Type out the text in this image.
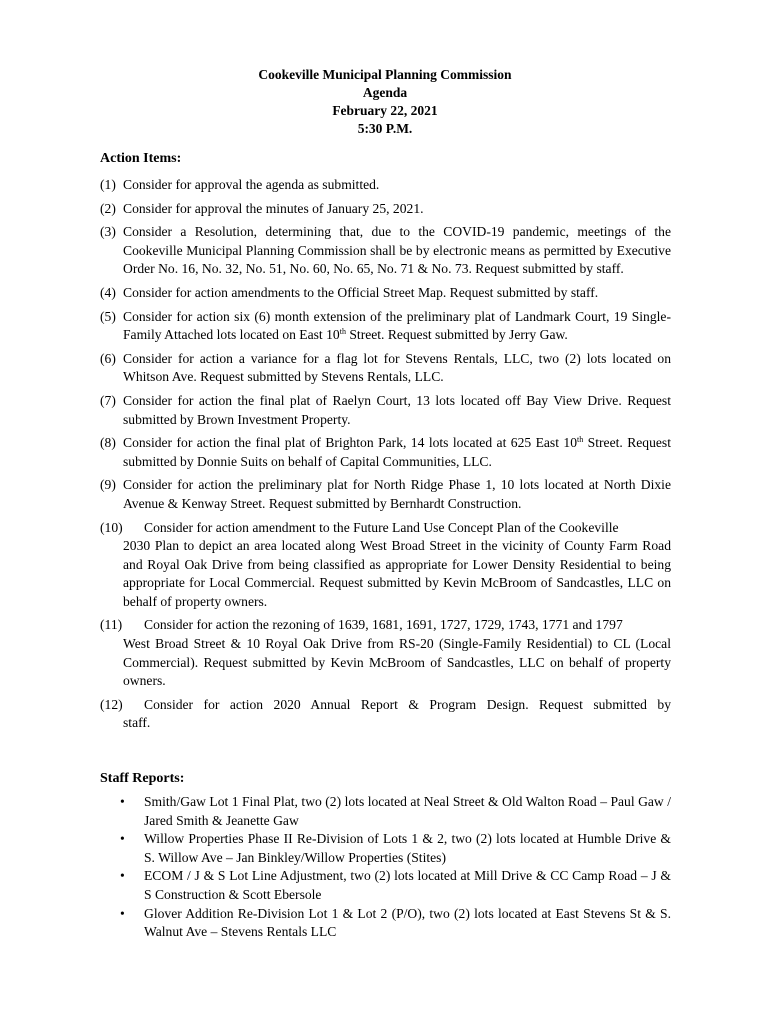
Cookeville Municipal Planning Commission
Agenda
February 22, 2021
5:30 P.M.
Action Items:
(1) Consider for approval the agenda as submitted.
(2) Consider for approval the minutes of January 25, 2021.
(3) Consider a Resolution, determining that, due to the COVID-19 pandemic, meetings of the Cookeville Municipal Planning Commission shall be by electronic means as permitted by Executive Order No. 16, No. 32, No. 51, No. 60, No. 65, No. 71 & No. 73. Request submitted by staff.
(4) Consider for action amendments to the Official Street Map. Request submitted by staff.
(5) Consider for action six (6) month extension of the preliminary plat of Landmark Court, 19 Single-Family Attached lots located on East 10th Street. Request submitted by Jerry Gaw.
(6) Consider for action a variance for a flag lot for Stevens Rentals, LLC, two (2) lots located on Whitson Ave. Request submitted by Stevens Rentals, LLC.
(7) Consider for action the final plat of Raelyn Court, 13 lots located off Bay View Drive. Request submitted by Brown Investment Property.
(8) Consider for action the final plat of Brighton Park, 14 lots located at 625 East 10th Street. Request submitted by Donnie Suits on behalf of Capital Communities, LLC.
(9) Consider for action the preliminary plat for North Ridge Phase 1, 10 lots located at North Dixie Avenue & Kenway Street. Request submitted by Bernhardt Construction.
(10) Consider for action amendment to the Future Land Use Concept Plan of the Cookeville
2030 Plan to depict an area located along West Broad Street in the vicinity of County Farm Road and Royal Oak Drive from being classified as appropriate for Lower Density Residential to being appropriate for Local Commercial. Request submitted by Kevin McBroom of Sandcastles, LLC on behalf of property owners.
(11) Consider for action the rezoning of 1639, 1681, 1691, 1727, 1729, 1743, 1771 and 1797
West Broad Street & 10 Royal Oak Drive from RS-20 (Single-Family Residential) to CL (Local Commercial). Request submitted by Kevin McBroom of Sandcastles, LLC on behalf of property owners.
(12) Consider for action 2020 Annual Report & Program Design. Request submitted by
staff.
Staff Reports:
• Smith/Gaw Lot 1 Final Plat, two (2) lots located at Neal Street & Old Walton Road – Paul Gaw / Jared Smith & Jeanette Gaw
• Willow Properties Phase II Re-Division of Lots 1 & 2, two (2) lots located at Humble Drive & S. Willow Ave – Jan Binkley/Willow Properties (Stites)
• ECOM / J & S Lot Line Adjustment, two (2) lots located at Mill Drive & CC Camp Road – J & S Construction & Scott Ebersole
• Glover Addition Re-Division Lot 1 & Lot 2 (P/O), two (2) lots located at East Stevens St & S. Walnut Ave – Stevens Rentals LLC
